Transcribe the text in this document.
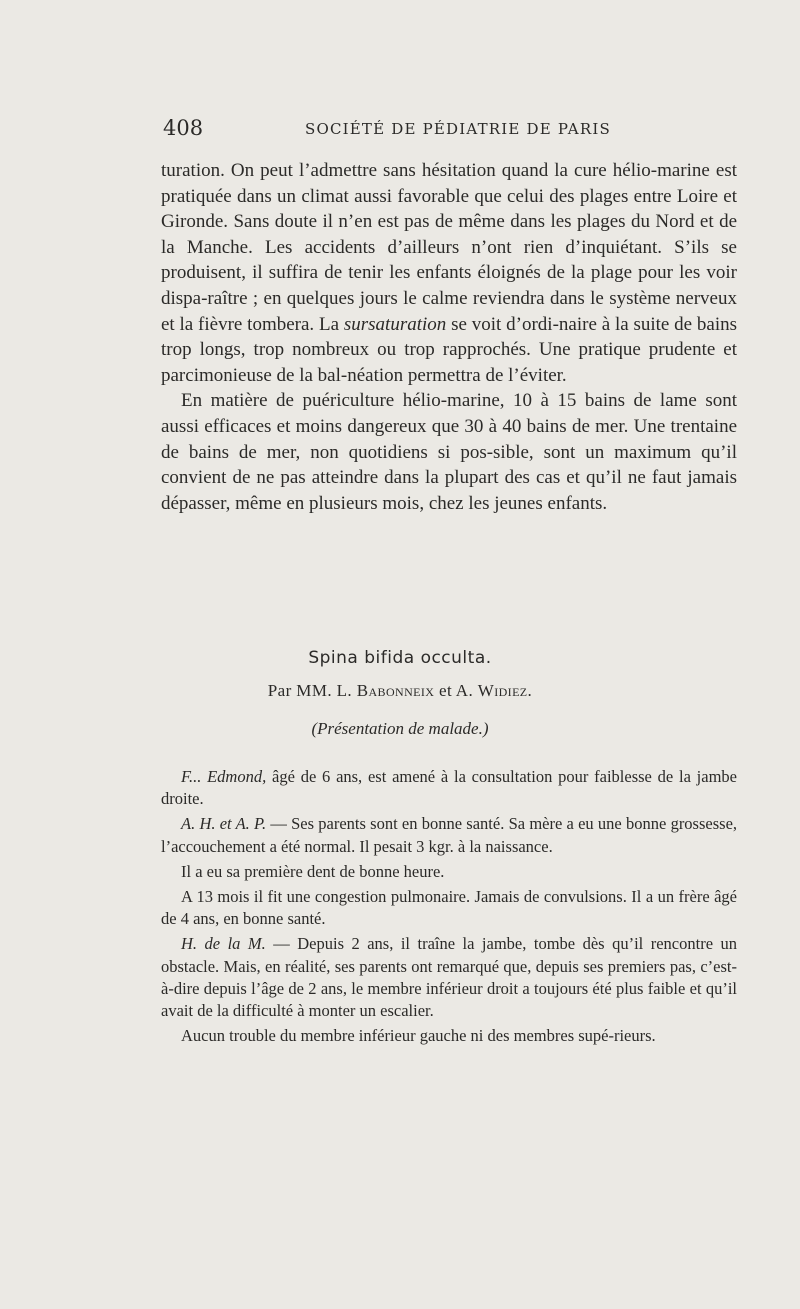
408	SOCIÉTÉ DE PÉDIATRIE DE PARIS

turation. On peut l’admettre sans hésitation quand la cure hélio-marine est pratiquée dans un climat aussi favorable que celui des plages entre Loire et Gironde. Sans doute il n’en est pas de même dans les plages du Nord et de la Manche. Les accidents d’ailleurs n’ont rien d’inquiétant. S’ils se produisent, il suffira de tenir les enfants éloignés de la plage pour les voir dispa-raître ; en quelques jours le calme reviendra dans le système nerveux et la fièvre tombera. La sursaturation se voit d’ordi-naire à la suite de bains trop longs, trop nombreux ou trop rapprochés. Une pratique prudente et parcimonieuse de la bal-néation permettra de l’éviter.

En matière de puériculture hélio-marine, 10 à 15 bains de lame sont aussi efficaces et moins dangereux que 30 à 40 bains de mer. Une trentaine de bains de mer, non quotidiens si pos-sible, sont un maximum qu’il convient de ne pas atteindre dans la plupart des cas et qu’il ne faut jamais dépasser, même en plusieurs mois, chez les jeunes enfants.

Spina bifida occulta.
Par MM. L. Babonneix et A. Widiez.
(Présentation de malade.)

F... Edmond, âgé de 6 ans, est amené à la consultation pour faiblesse de la jambe droite.

A. H. et A. P. — Ses parents sont en bonne santé. Sa mère a eu une bonne grossesse, l’accouchement a été normal. Il pesait 3 kgr. à la naissance.

Il a eu sa première dent de bonne heure.

A 13 mois il fit une congestion pulmonaire. Jamais de convulsions. Il a un frère âgé de 4 ans, en bonne santé.

H. de la M. — Depuis 2 ans, il traîne la jambe, tombe dès qu’il rencontre un obstacle. Mais, en réalité, ses parents ont remarqué que, depuis ses premiers pas, c’est-à-dire depuis l’âge de 2 ans, le membre inférieur droit a toujours été plus faible et qu’il avait de la difficulté à monter un escalier.

Aucun trouble du membre inférieur gauche ni des membres supé-rieurs.
